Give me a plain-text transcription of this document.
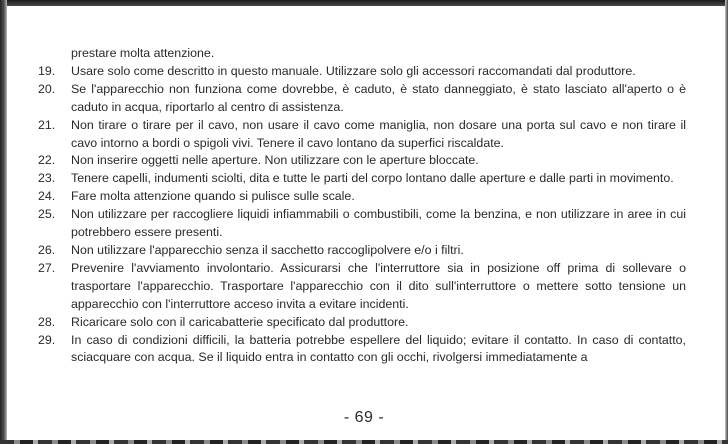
prestare molta attenzione.
19.	Usare solo come descritto in questo manuale. Utilizzare solo gli accessori raccomandati dal produttore.
20.	Se l'apparecchio non funziona come dovrebbe, è caduto, è stato danneggiato, è stato lasciato all'aperto o è caduto in acqua, riportarlo al centro di assistenza.
21.	Non tirare o tirare per il cavo, non usare il cavo come maniglia, non dosare una porta sul cavo e non tirare il cavo intorno a bordi o spigoli vivi. Tenere il cavo lontano da superfici riscaldate.
22.	Non inserire oggetti nelle aperture. Non utilizzare con le aperture bloccate.
23.	Tenere capelli, indumenti sciolti, dita e tutte le parti del corpo lontano dalle aperture e dalle parti in movimento.
24.	Fare molta attenzione quando si pulisce sulle scale.
25.	Non utilizzare per raccogliere liquidi infiammabili o combustibili, come la benzina, e non utilizzare in aree in cui potrebbero essere presenti.
26.	Non utilizzare l'apparecchio senza il sacchetto raccoglipolvere e/o i filtri.
27.	Prevenire l'avviamento involontario. Assicurarsi che l'interruttore sia in posizione off prima di sollevare o trasportare l'apparecchio. Trasportare l'apparecchio con il dito sull'interruttore o mettere sotto tensione un apparecchio con l'interruttore acceso invita a evitare incidenti.
28.	Ricaricare solo con il caricabatterie specificato dal produttore.
29.	In caso di condizioni difficili, la batteria potrebbe espellere del liquido; evitare il contatto. In caso di contatto, sciacquare con acqua. Se il liquido entra in contatto con gli occhi, rivolgersi immediatamente a
- 69 -
